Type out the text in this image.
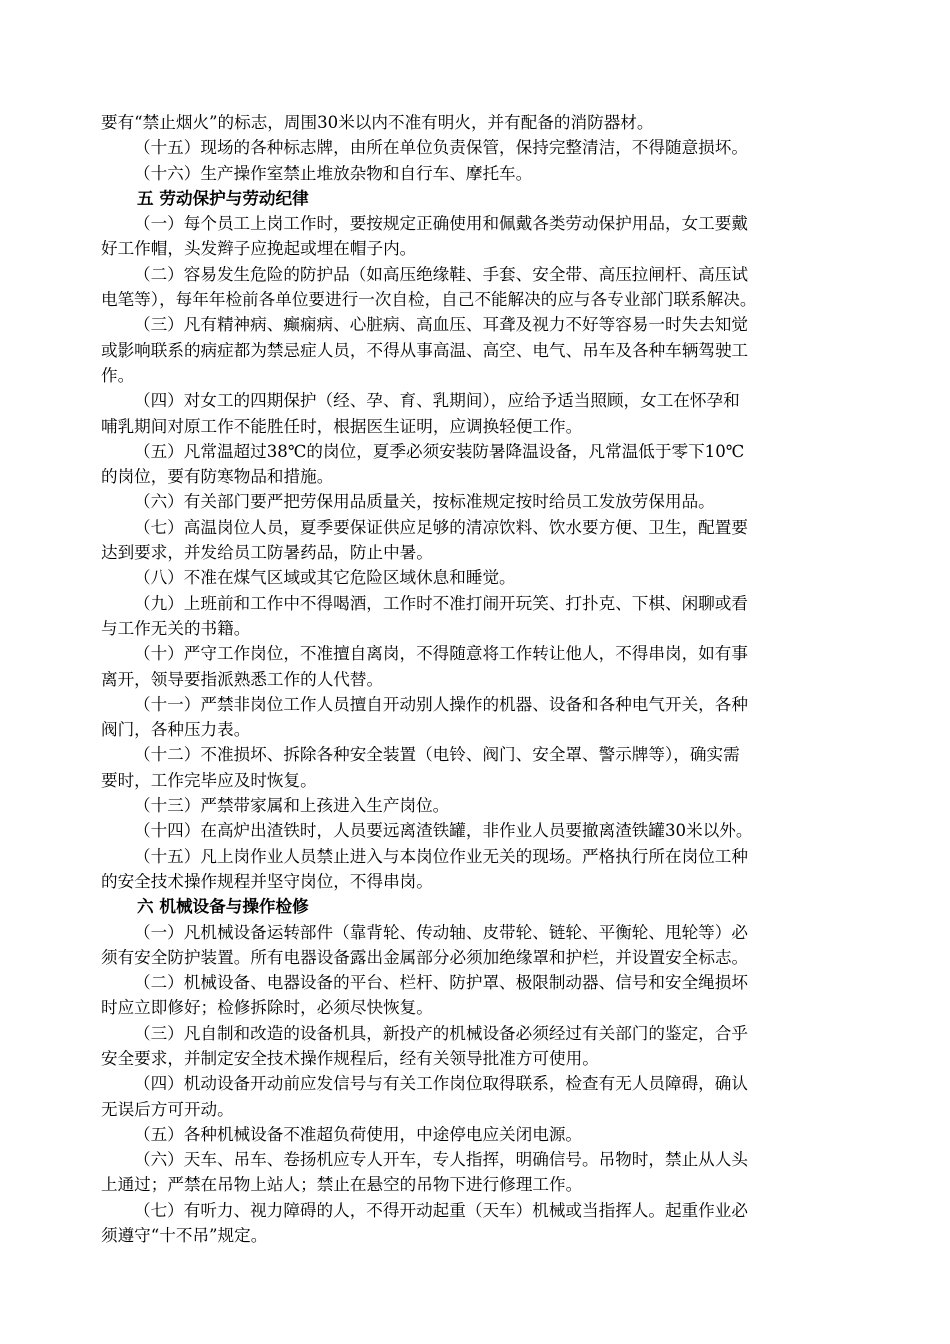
要有“禁止烟火”的标志，周围30米以内不准有明火，并有配备的消防器材。
（十五）现场的各种标志牌，由所在单位负责保管，保持完整清洁，不得随意损坏。
（十六）生产操作室禁止堆放杂物和自行车、摩托车。
五 劳动保护与劳动纪律
（一）每个员工上岗工作时，要按规定正确使用和佩戴各类劳动保护用品，女工要戴
好工作帽，头发辫子应挽起或埋在帽子内。
（二）容易发生危险的防护品（如高压绝缘鞋、手套、安全带、高压拉闸杆、高压试
电笔等），每年年检前各单位要进行一次自检，自己不能解决的应与各专业部门联系解决。
（三）凡有精神病、癫痫病、心脏病、高血压、耳聋及视力不好等容易一时失去知觉
或影响联系的病症都为禁忌症人员，不得从事高温、高空、电气、吊车及各种车辆驾驶工
作。
（四）对女工的四期保护（经、孕、育、乳期间），应给予适当照顾，女工在怀孕和
哺乳期间对原工作不能胜任时，根据医生证明，应调换轻便工作。
（五）凡常温超过38℃的岗位，夏季必须安装防暑降温设备，凡常温低于零下10℃
的岗位，要有防寒物品和措施。
（六）有关部门要严把劳保用品质量关，按标准规定按时给员工发放劳保用品。
（七）高温岗位人员，夏季要保证供应足够的清凉饮料、饮水要方便、卫生，配置要
达到要求，并发给员工防暑药品，防止中暑。
（八）不准在煤气区域或其它危险区域休息和睡觉。
（九）上班前和工作中不得喝酒，工作时不准打闹开玩笑、打扑克、下棋、闲聊或看
与工作无关的书籍。
（十）严守工作岗位，不准擅自离岗，不得随意将工作转让他人，不得串岗，如有事
离开，领导要指派熟悉工作的人代替。
（十一）严禁非岗位工作人员擅自开动别人操作的机器、设备和各种电气开关，各种
阀门，各种压力表。
（十二）不准损坏、拆除各种安全装置（电铃、阀门、安全罩、警示牌等），确实需
要时，工作完毕应及时恢复。
（十三）严禁带家属和上孩进入生产岗位。
（十四）在高炉出渣铁时，人员要远离渣铁罐，非作业人员要撤离渣铁罐30米以外。
（十五）凡上岗作业人员禁止进入与本岗位作业无关的现场。严格执行所在岗位工种
的安全技术操作规程并坚守岗位，不得串岗。
六 机械设备与操作检修
（一）凡机械设备运转部件（靠背轮、传动轴、皮带轮、链轮、平衡轮、甩轮等）必
须有安全防护装置。所有电器设备露出金属部分必须加绝缘罩和护栏，并设置安全标志。
（二）机械设备、电器设备的平台、栏杆、防护罩、极限制动器、信号和安全绳损坏
时应立即修好；检修拆除时，必须尽快恢复。
（三）凡自制和改造的设备机具，新投产的机械设备必须经过有关部门的鉴定，合乎
安全要求，并制定安全技术操作规程后，经有关领导批准方可使用。
（四）机动设备开动前应发信号与有关工作岗位取得联系，检查有无人员障碍，确认
无误后方可开动。
（五）各种机械设备不准超负荷使用，中途停电应关闭电源。
（六）天车、吊车、卷扬机应专人开车，专人指挥，明确信号。吊物时，禁止从人头
上通过；严禁在吊物上站人；禁止在悬空的吊物下进行修理工作。
（七）有听力、视力障碍的人，不得开动起重（天车）机械或当指挥人。起重作业必
须遵守“十不吊”规定。
